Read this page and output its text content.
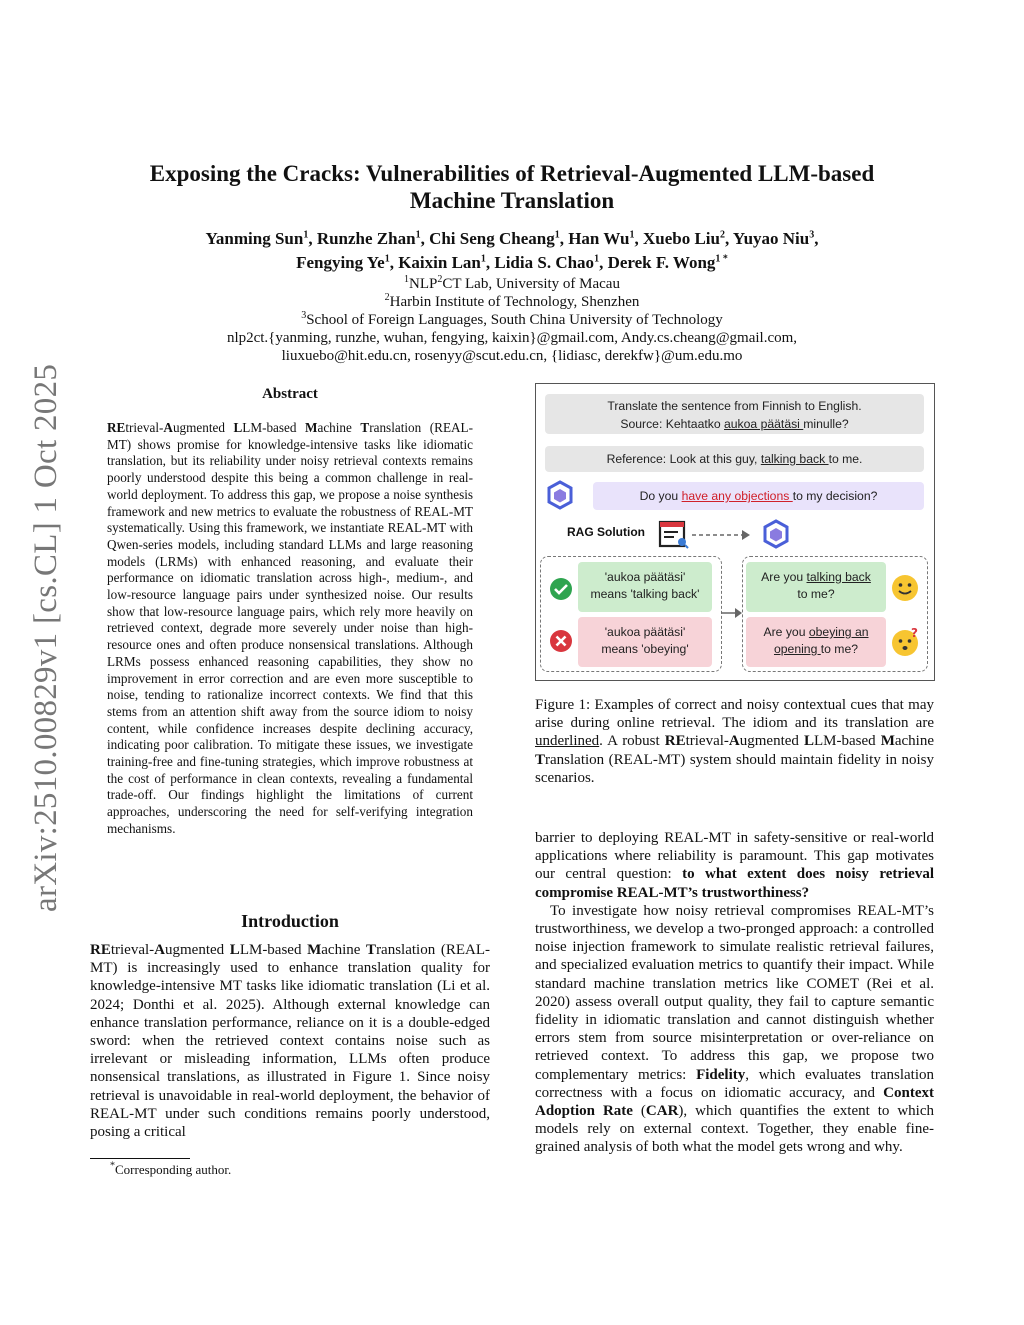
arXiv:2510.00829v1 [cs.CL] 1 Oct 2025
Exposing the Cracks: Vulnerabilities of Retrieval-Augmented LLM-based
Machine Translation
Yanming Sun$^1$, Runzhe Zhan$^1$, Chi Seng Cheang$^1$, Han Wu$^1$, Xuebo Liu$^2$, Yuyao Niu$^3$,
Fengying Ye$^1$, Kaixin Lan$^1$, Lidia S. Chao$^1$, Derek F. Wong$^{1 *}$
$^1$NLP$^2$CT Lab, University of Macau
$^2$Harbin Institute of Technology, Shenzhen
$^3$School of Foreign Languages, South China University of Technology
nlp2ct.{yanming, runzhe, wuhan, fengying, kaixin}@gmail.com, Andy.cs.cheang@gmail.com,
liuxuebo@hit.edu.cn, rosenyy@scut.edu.cn, {lidiasc, derekfw}@um.edu.mo
Abstract
REtrieval-Augmented LLM-based Machine Translation (REAL-MT) shows promise for knowledge-intensive tasks like idiomatic translation, but its reliability under noisy retrieval contexts remains poorly understood despite this being a common challenge in real-world deployment. To address this gap, we propose a noise synthesis framework and new metrics to evaluate the robustness of REAL-MT systematically. Using this framework, we instantiate REAL-MT with Qwen-series models, including standard LLMs and large reasoning models (LRMs) with enhanced reasoning, and evaluate their performance on idiomatic translation across high-, medium-, and low-resource language pairs under synthesized noise. Our results show that low-resource language pairs, which rely more heavily on retrieved context, degrade more severely under noise than high-resource ones and often produce nonsensical translations. Although LRMs possess enhanced reasoning capabilities, they show no improvement in error correction and are even more susceptible to noise, tending to rationalize incorrect contexts. We find that this stems from an attention shift away from the source idiom to noisy content, while confidence increases despite declining accuracy, indicating poor calibration. To mitigate these issues, we investigate training-free and fine-tuning strategies, which improve robustness at the cost of performance in clean contexts, revealing a fundamental trade-off. Our findings highlight the limitations of current approaches, underscoring the need for self-verifying integration mechanisms.
Introduction
REtrieval-Augmented LLM-based Machine Translation (REAL-MT) is increasingly used to enhance translation quality for knowledge-intensive MT tasks like idiomatic translation (Li et al. 2024; Donthi et al. 2025). Although external knowledge can enhance translation performance, reliance on it is a double-edged sword: when the retrieved context contains noise such as irrelevant or misleading information, LLMs often produce nonsensical translations, as illustrated in Figure 1. Since noisy retrieval is unavoidable in real-world deployment, the behavior of REAL-MT under such conditions remains poorly understood, posing a critical
*Corresponding author.
Translate the sentence from Finnish to English.
Source: Kehtaatko aukoa päätäsi minulle?
Reference: Look at this guy, talking back to me.
Do you have any objections to my decision?
RAG Solution
'aukoa päätäsi'
means 'talking back'
'aukoa päätäsi'
means 'obeying'
Are you talking back
to me?
Are you obeying an
opening to me?
?
Figure 1: Examples of correct and noisy contextual cues that may arise during online retrieval. The idiom and its translation are underlined. A robust REtrieval-Augmented LLM-based Machine Translation (REAL-MT) system should maintain fidelity in noisy scenarios.

barrier to deploying REAL-MT in safety-sensitive or real-world applications where reliability is paramount. This gap motivates our central question: to what extent does noisy retrieval compromise REAL-MT’s trustworthiness?

To investigate how noisy retrieval compromises REAL-MT’s trustworthiness, we develop a two-pronged approach: a controlled noise injection framework to simulate realistic retrieval failures, and specialized evaluation metrics to quantify their impact. While standard machine translation metrics like COMET (Rei et al. 2020) assess overall output quality, they fail to capture semantic fidelity in idiomatic translation and cannot distinguish whether errors stem from source misinterpretation or over-reliance on retrieved context. To address this gap, we propose two complementary metrics: Fidelity, which evaluates translation correctness with a focus on idiomatic accuracy, and Context Adoption Rate (CAR), which quantifies the extent to which models rely on external context. Together, they enable fine-grained analysis of both what the model gets wrong and why.
